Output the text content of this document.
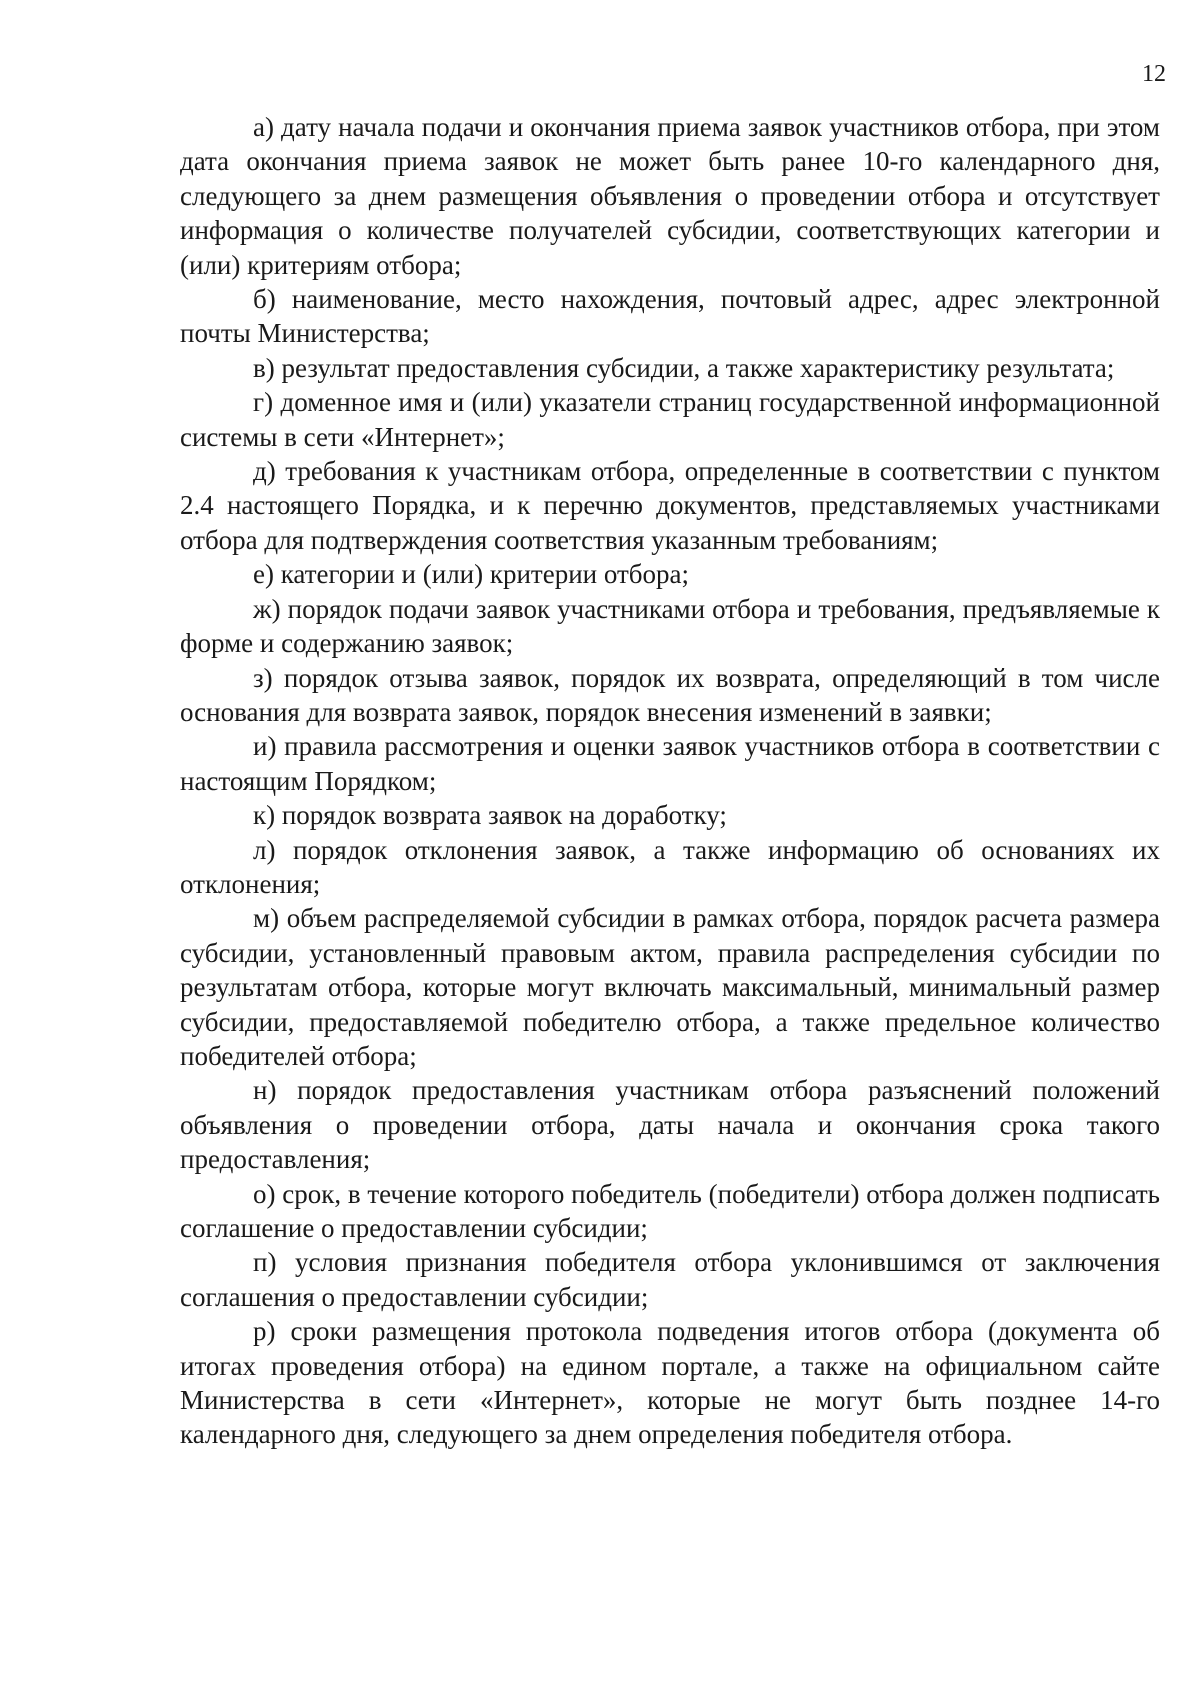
12

а) дату начала подачи и окончания приема заявок участников отбора, при этом дата окончания приема заявок не может быть ранее 10-го календарного дня, следующего за днем размещения объявления о проведении отбора и отсутствует информация о количестве получателей субсидии, соответствующих категории и (или) критериям отбора;

б) наименование, место нахождения, почтовый адрес, адрес электронной почты Министерства;

в) результат предоставления субсидии, а также характеристику результата;

г) доменное имя и (или) указатели страниц государственной информационной системы в сети «Интернет»;

д) требования к участникам отбора, определенные в соответствии с пунктом 2.4 настоящего Порядка, и к перечню документов, представляемых участниками отбора для подтверждения соответствия указанным требованиям;

е) категории и (или) критерии отбора;

ж) порядок подачи заявок участниками отбора и требования, предъявляемые к форме и содержанию заявок;

з) порядок отзыва заявок, порядок их возврата, определяющий в том числе основания для возврата заявок, порядок внесения изменений в заявки;

и) правила рассмотрения и оценки заявок участников отбора в соответствии с настоящим Порядком;

к) порядок возврата заявок на доработку;

л) порядок отклонения заявок, а также информацию об основаниях их отклонения;

м) объем распределяемой субсидии в рамках отбора, порядок расчета размера субсидии, установленный правовым актом, правила распределения субсидии по результатам отбора, которые могут включать максимальный, минимальный размер субсидии, предоставляемой победителю отбора, а также предельное количество победителей отбора;

н) порядок предоставления участникам отбора разъяснений положений объявления о проведении отбора, даты начала и окончания срока такого предоставления;

о) срок, в течение которого победитель (победители) отбора должен подписать соглашение о предоставлении субсидии;

п) условия признания победителя отбора уклонившимся от заключения соглашения о предоставлении субсидии;

р) сроки размещения протокола подведения итогов отбора (документа об итогах проведения отбора) на едином портале, а также на официальном сайте Министерства в сети «Интернет», которые не могут быть позднее 14-го календарного дня, следующего за днем определения победителя отбора.
